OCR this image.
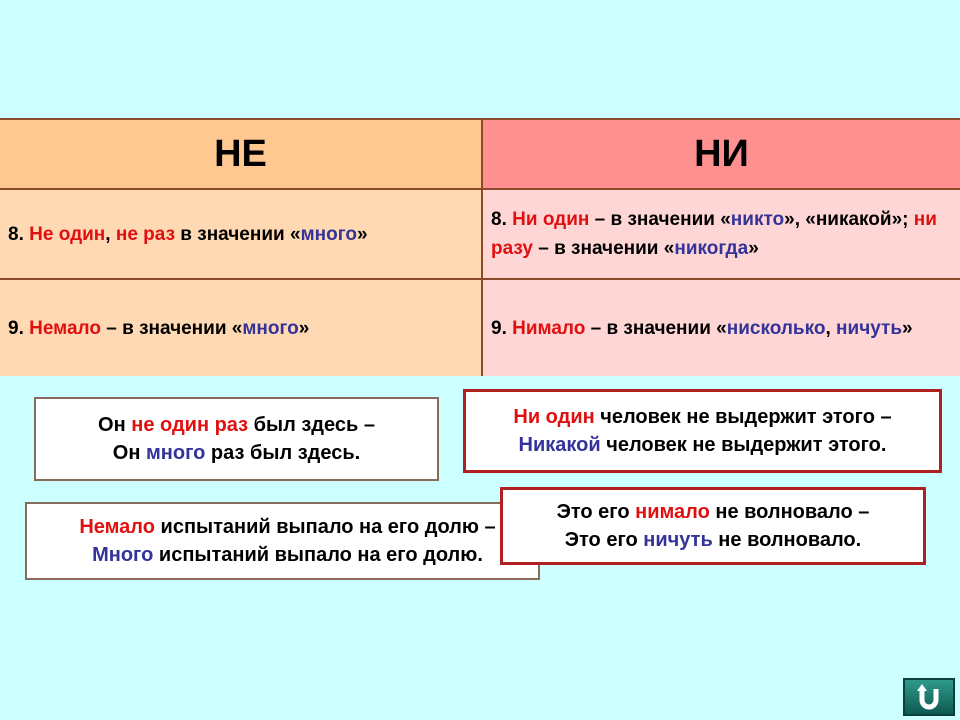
НЕ	НИ
8. Не один, не раз в значении «много»
8. Ни один – в значении «никто», «никакой»; ни разу – в значении «никогда»
9. Немало – в значении «много»	9. Нимало – в значении «нисколько, ничуть»
Он не один раз был здесь –
Он много раз был здесь.
Ни один человек не выдержит этого –
Никакой человек не выдержит этого.
Немало испытаний выпало на его долю –
Много испытаний выпало на его долю.
Это его нимало не волновало –
Это его ничуть не волновало.
